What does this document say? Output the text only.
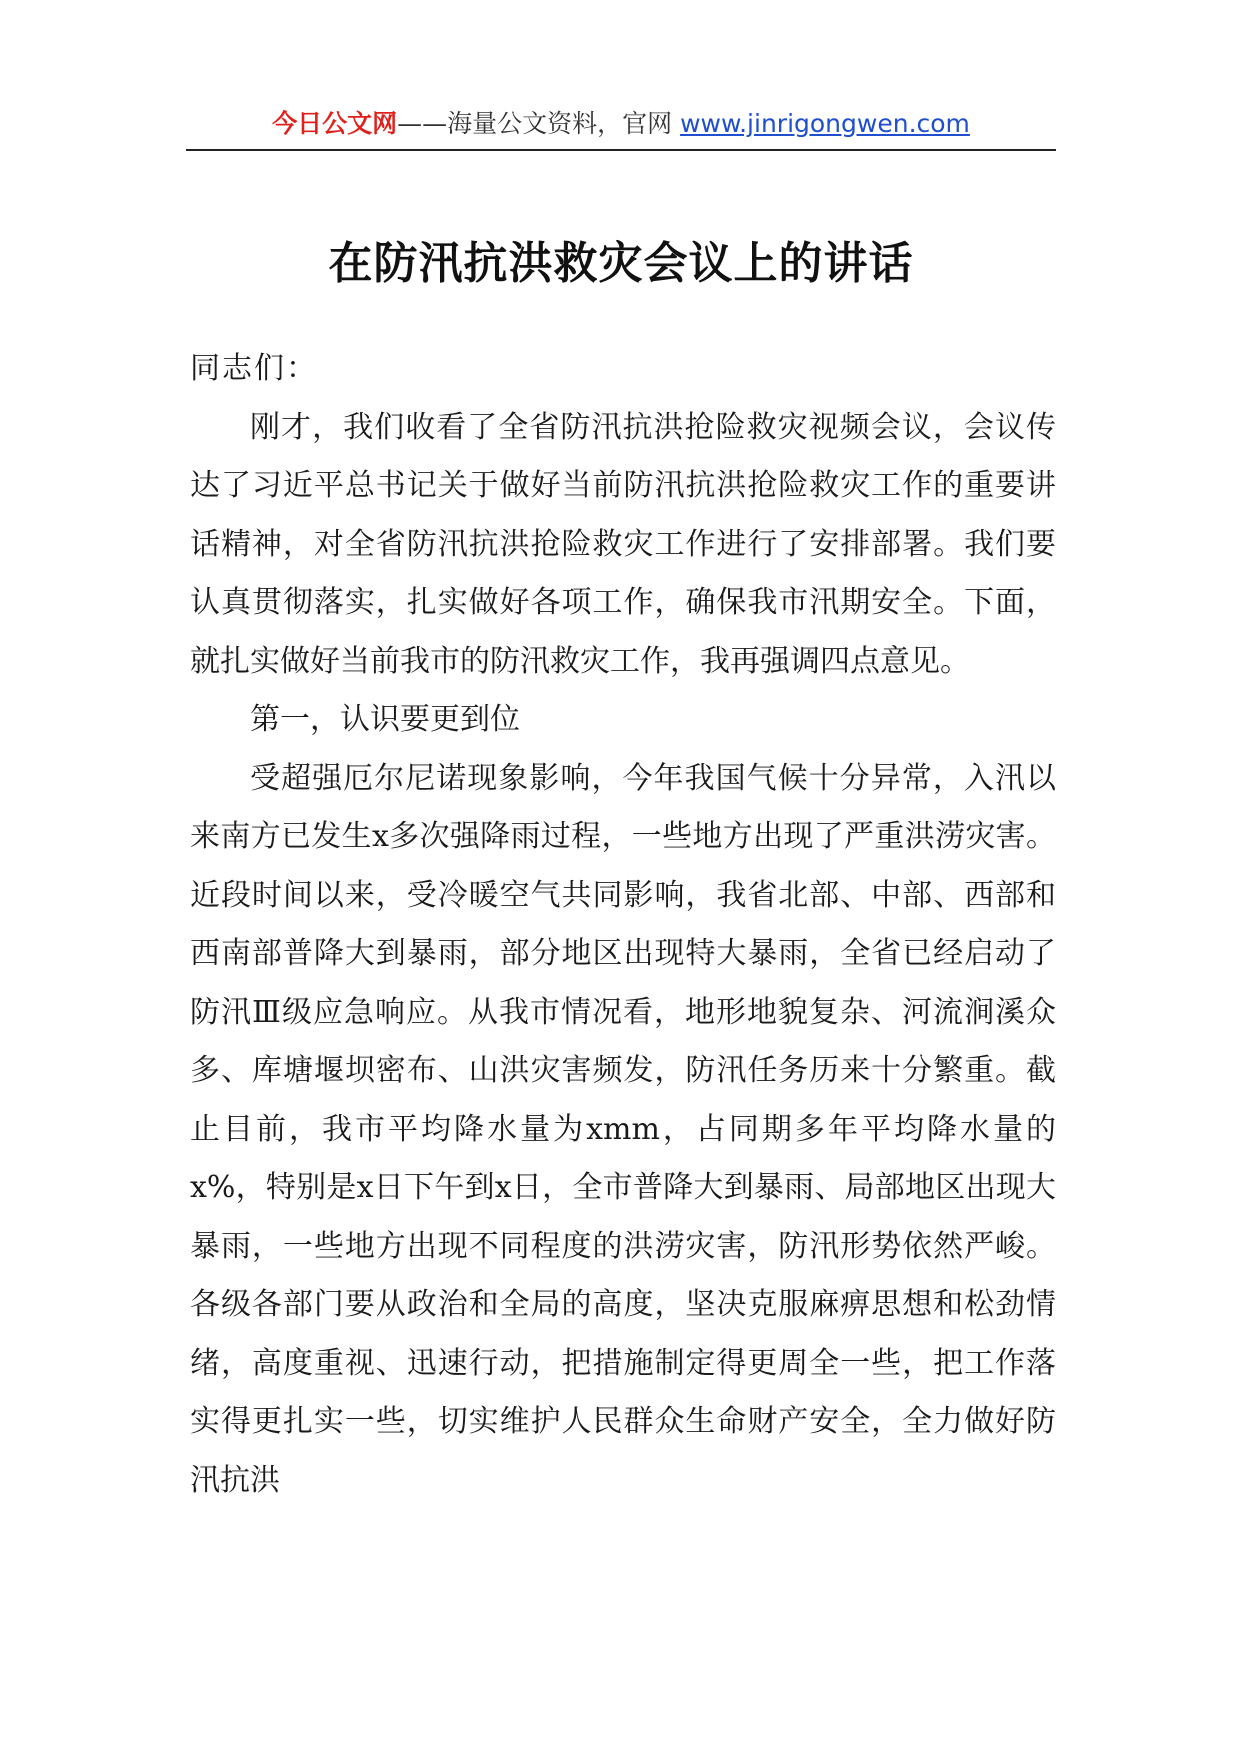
今日公文网——海量公文资料，官网 www.jinrigongwen.com
在防汛抗洪救灾会议上的讲话

同志们：

刚才，我们收看了全省防汛抗洪抢险救灾视频会议，会议传达了习近平总书记关于做好当前防汛抗洪抢险救灾工作的重要讲话精神，对全省防汛抗洪抢险救灾工作进行了安排部署。我们要认真贯彻落实，扎实做好各项工作，确保我市汛期安全。下面，就扎实做好当前我市的防汛救灾工作，我再强调四点意见。

第一，认识要更到位

受超强厄尔尼诺现象影响，今年我国气候十分异常，入汛以来南方已发生x多次强降雨过程，一些地方出现了严重洪涝灾害。近段时间以来，受冷暖空气共同影响，我省北部、中部、西部和西南部普降大到暴雨，部分地区出现特大暴雨，全省已经启动了防汛Ⅲ级应急响应。从我市情况看，地形地貌复杂、河流涧溪众多、库塘堰坝密布、山洪灾害频发，防汛任务历来十分繁重。截止目前，我市平均降水量为xmm，占同期多年平均降水量的x%，特别是x日下午到x日，全市普降大到暴雨、局部地区出现大暴雨，一些地方出现不同程度的洪涝灾害，防汛形势依然严峻。各级各部门要从政治和全局的高度，坚决克服麻痹思想和松劲情绪，高度重视、迅速行动，把措施制定得更周全一些，把工作落实得更扎实一些，切实维护人民群众生命财产安全，全力做好防汛抗洪
